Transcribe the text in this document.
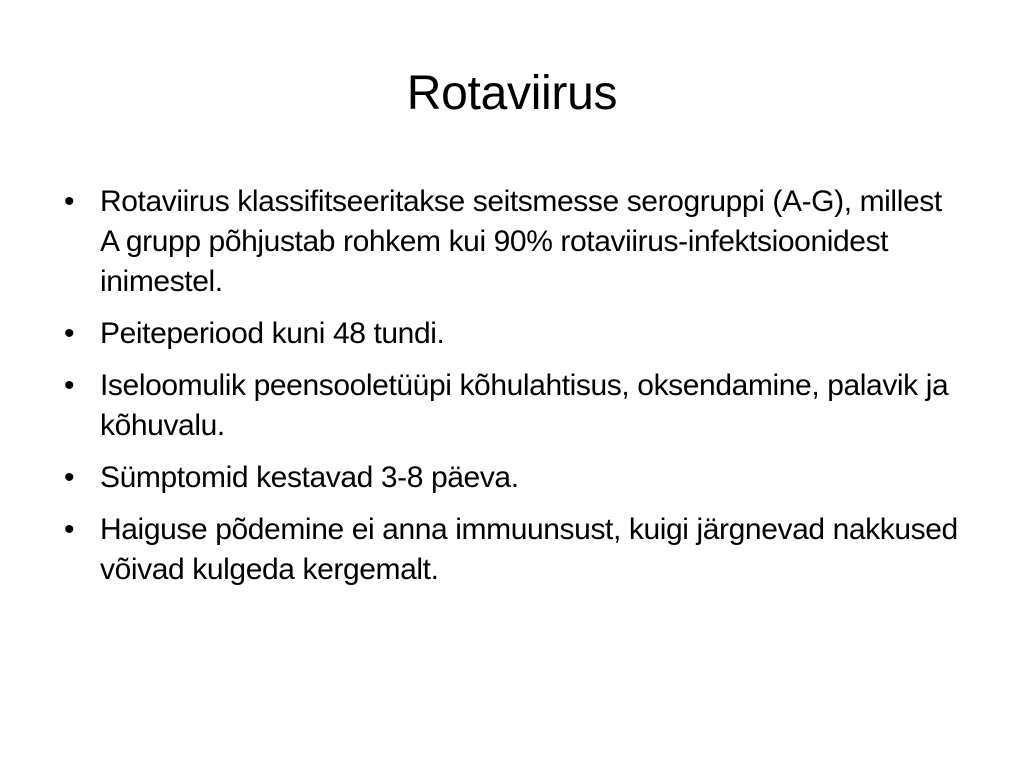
Rotaviirus
• Rotaviirus klassifitseeritakse seitsmesse serogruppi (A-G), millest A grupp põhjustab rohkem kui 90% rotaviirus-infektsioonidest inimestel.
• Peiteperiood kuni 48 tundi.
• Iseloomulik peensooletüüpi kõhulahtisus, oksendamine, palavik ja kõhuvalu.
• Sümptomid kestavad 3-8 päeva.
• Haiguse põdemine ei anna immuunsust, kuigi järgnevad nakkused võivad kulgeda kergemalt.
